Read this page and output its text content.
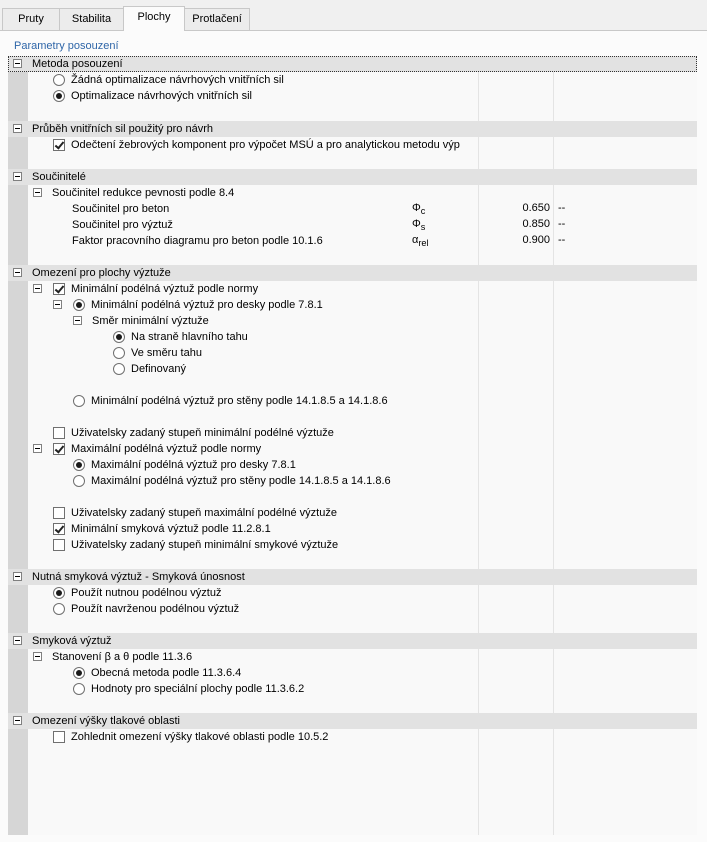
Pruty	Stabilita	Plochy	Protlačení
Parametry posouzení
Metoda posouzení
Žádná optimalizace návrhových vnitřních sil
Optimalizace návrhových vnitřních sil
Průběh vnitřních sil použitý pro návrh
Odečtení žebrových komponent pro výpočet MSÚ a pro analytickou metodu výp
Součinitelé
Součinitel redukce pevnosti podle 8.4
Součinitel pro beton	$\Phi_c$	0.650 --
Součinitel pro výztuž	$\Phi_s$	0.850 --
Faktor pracovního diagramu pro beton podle 10.1.6	$\alpha_{rel}$	0.900 --
Omezení pro plochy výztuže
Minimální podélná výztuž podle normy
Minimální podélná výztuž pro desky podle 7.8.1
Směr minimální výztuže
Na straně hlavního tahu
Ve směru tahu
Definovaný
Minimální podélná výztuž pro stěny podle 14.1.8.5 a 14.1.8.6
Uživatelsky zadaný stupeň minimální podélné výztuže
Maximální podélná výztuž podle normy
Maximální podélná výztuž pro desky 7.8.1
Maximální podélná výztuž pro stěny podle 14.1.8.5 a 14.1.8.6
Uživatelsky zadaný stupeň maximální podélné výztuže
Minimální smyková výztuž podle 11.2.8.1
Uživatelsky zadaný stupeň minimální smykové výztuže
Nutná smyková výztuž - Smyková únosnost
Použít nutnou podélnou výztuž
Použít navrženou podélnou výztuž
Smyková výztuž
Stanovení β a θ podle 11.3.6
Obecná metoda podle 11.3.6.4
Hodnoty pro speciální plochy podle 11.3.6.2
Omezení výšky tlakové oblasti
Zohlednit omezení výšky tlakové oblasti podle 10.5.2
